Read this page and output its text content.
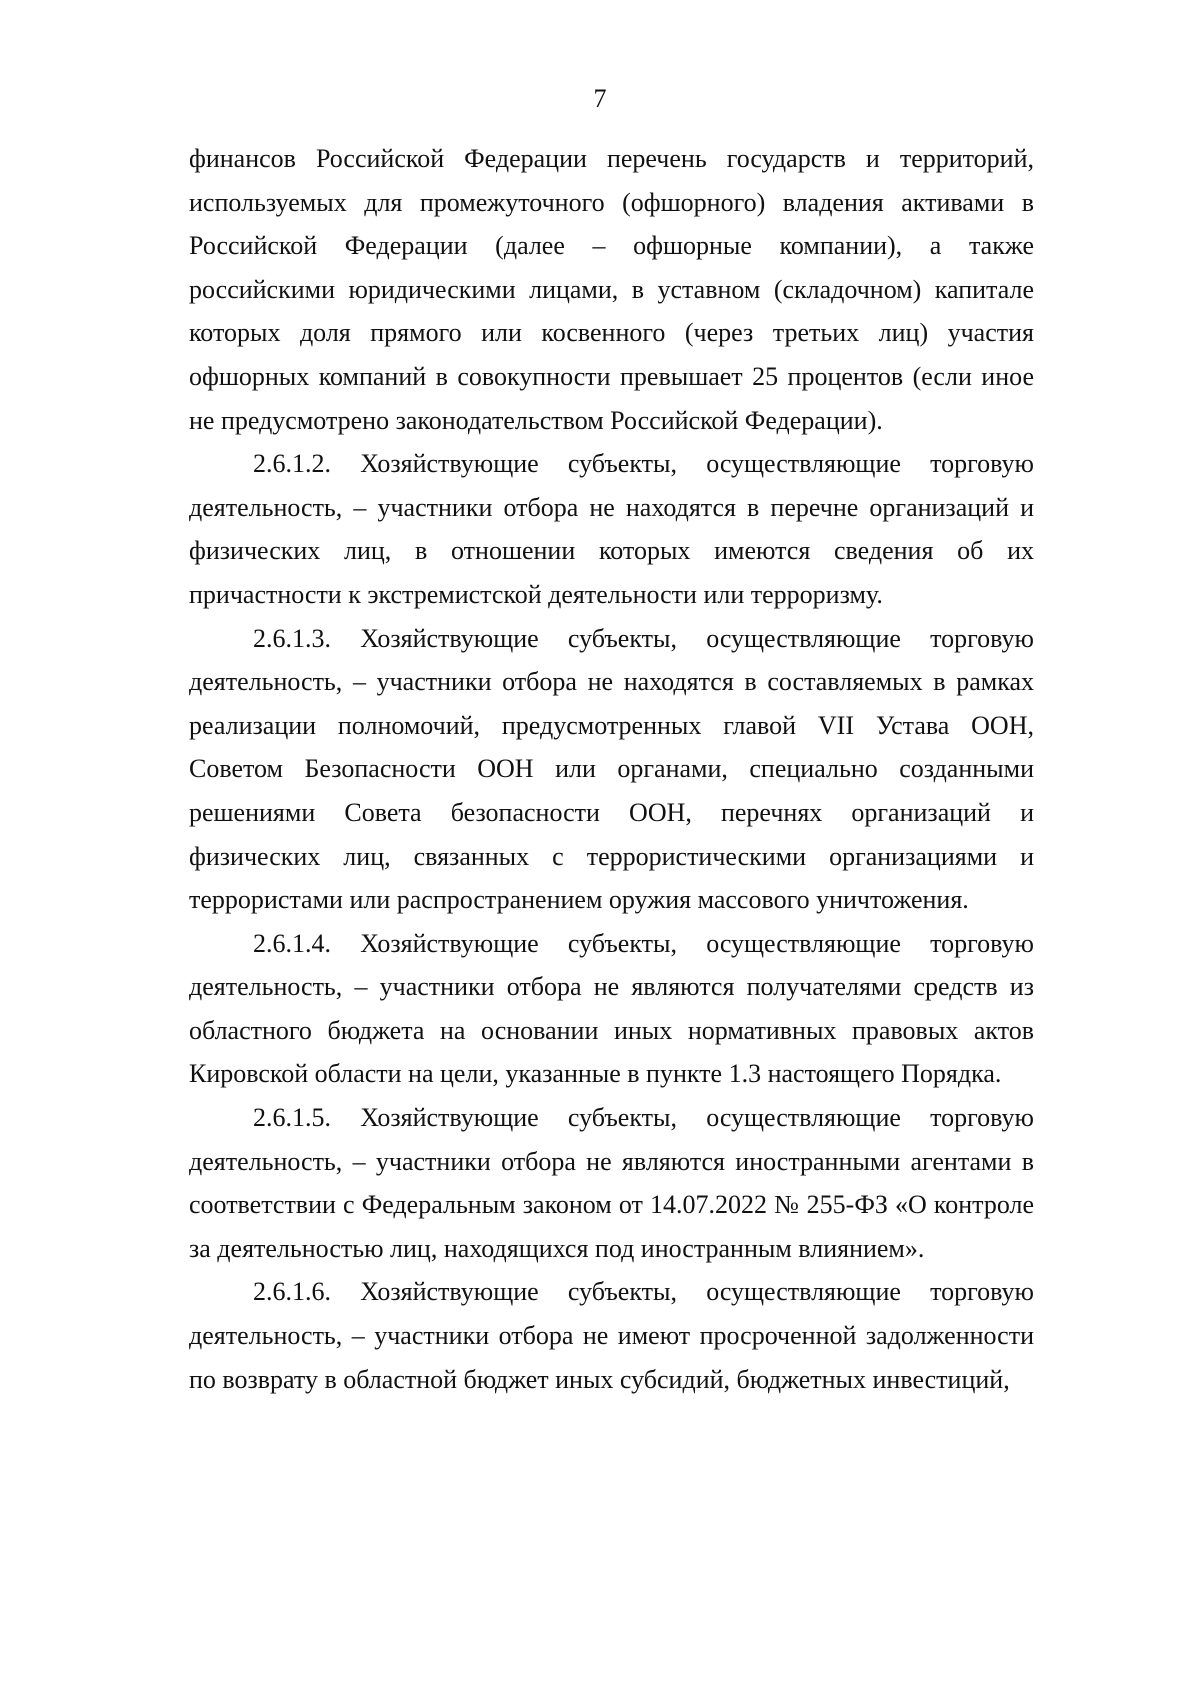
7

финансов Российской Федерации перечень государств и территорий, используемых для промежуточного (офшорного) владения активами в Российской Федерации (далее – офшорные компании), а также российскими юридическими лицами, в уставном (складочном) капитале которых доля прямого или косвенного (через третьих лиц) участия офшорных компаний в совокупности превышает 25 процентов (если иное не предусмотрено законодательством Российской Федерации).

2.6.1.2. Хозяйствующие субъекты, осуществляющие торговую деятельность, – участники отбора не находятся в перечне организаций и физических лиц, в отношении которых имеются сведения об их причастности к экстремистской деятельности или терроризму.

2.6.1.3. Хозяйствующие субъекты, осуществляющие торговую деятельность, – участники отбора не находятся в составляемых в рамках реализации полномочий, предусмотренных главой VII Устава ООН, Советом Безопасности ООН или органами, специально созданными решениями Совета безопасности ООН, перечнях организаций и физических лиц, связанных с террористическими организациями и террористами или распространением оружия массового уничтожения.

2.6.1.4. Хозяйствующие субъекты, осуществляющие торговую деятельность, – участники отбора не являются получателями средств из областного бюджета на основании иных нормативных правовых актов Кировской области на цели, указанные в пункте 1.3 настоящего Порядка.

2.6.1.5. Хозяйствующие субъекты, осуществляющие торговую деятельность, – участники отбора не являются иностранными агентами в соответствии с Федеральным законом от 14.07.2022 № 255-ФЗ «О контроле за деятельностью лиц, находящихся под иностранным влиянием».

2.6.1.6. Хозяйствующие субъекты, осуществляющие торговую деятельность, – участники отбора не имеют просроченной задолженности по возврату в областной бюджет иных субсидий, бюджетных инвестиций,
